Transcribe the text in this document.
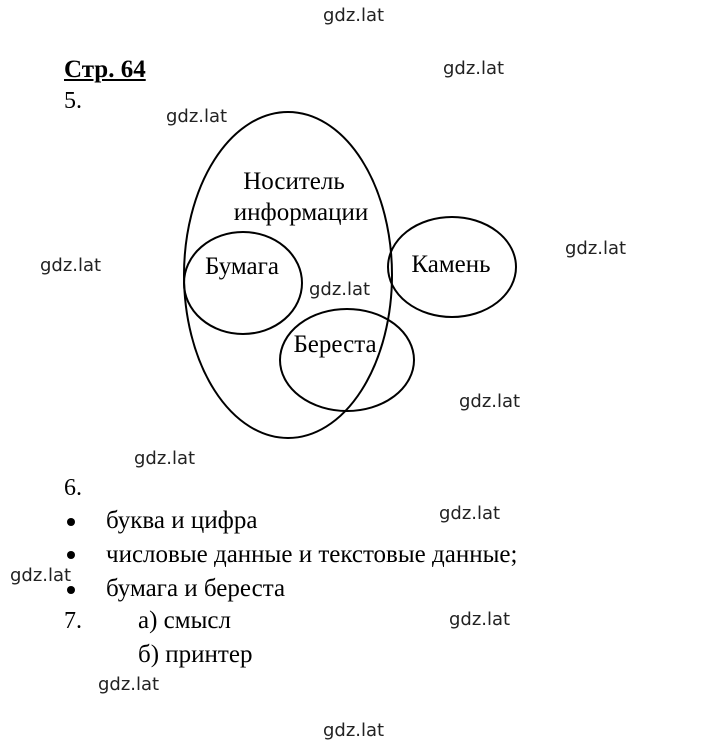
gdz.lat
gdz.lat
gdz.lat
gdz.lat
gdz.lat
gdz.lat
gdz.lat
gdz.lat
gdz.lat
gdz.lat
gdz.lat
gdz.lat
gdz.lat
Стр. 64
5.
Носитель
информации
Бумага	Камень
Береста
6.
буква и цифра
числовые данные и текстовые данные;
бумага и береста
7. а) смысл
б) принтер
